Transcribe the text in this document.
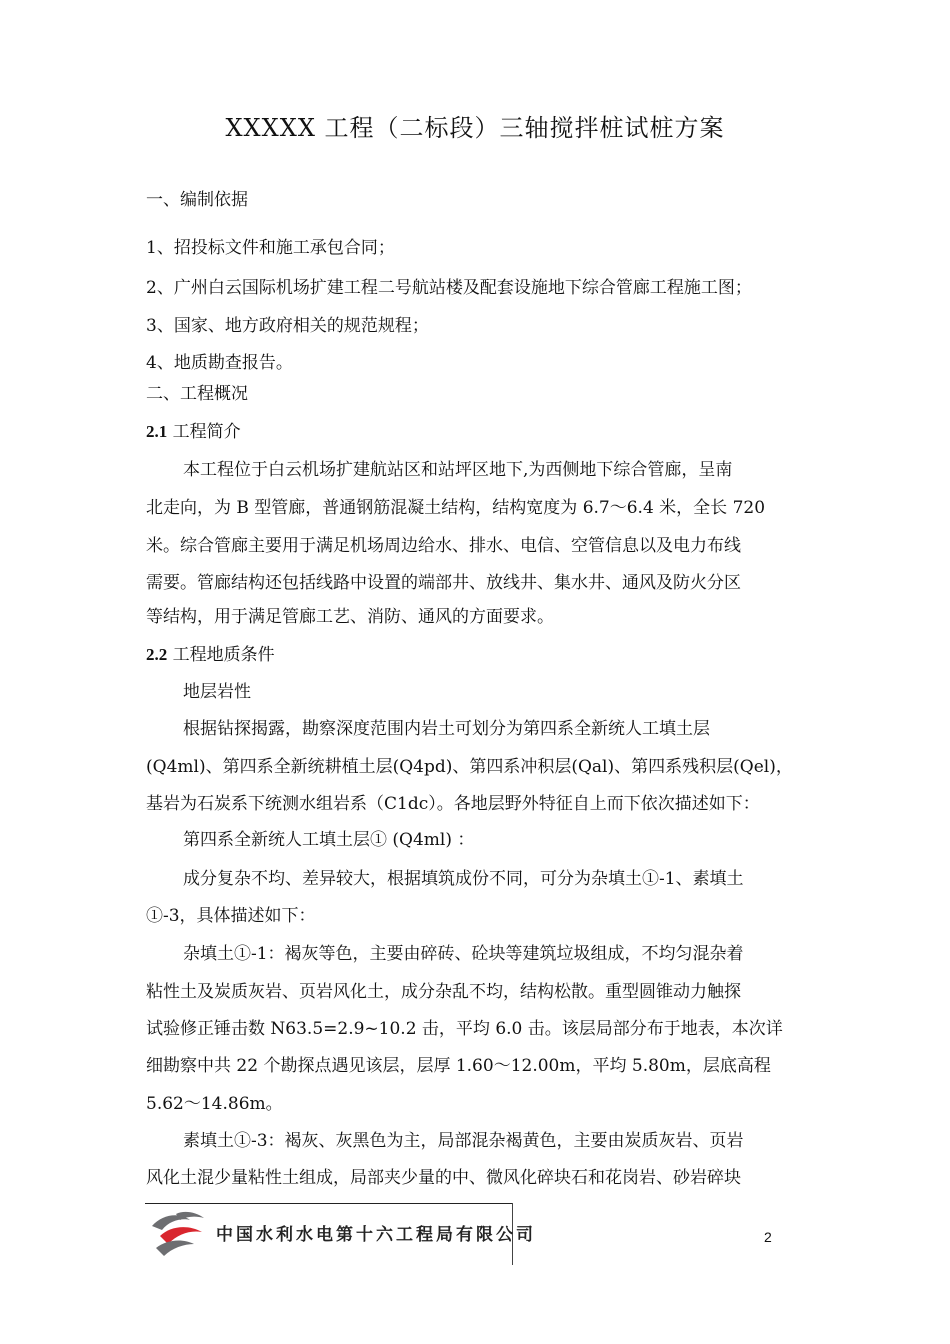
XXXXX 工程（二标段）三轴搅拌桩试桩方案
一、编制依据
1、招投标文件和施工承包合同；
2、广州白云国际机场扩建工程二号航站楼及配套设施地下综合管廊工程施工图；
3、国家、地方政府相关的规范规程；
4、地质勘查报告。
二、工程概况
2.1 工程简介
本工程位于白云机场扩建航站区和站坪区地下,为西侧地下综合管廊，呈南
北走向，为 B 型管廊，普通钢筋混凝土结构，结构宽度为 6.7～6.4 米，全长 720
米。综合管廊主要用于满足机场周边给水、排水、电信、空管信息以及电力布线
需要。管廊结构还包括线路中设置的端部井、放线井、集水井、通风及防火分区
等结构，用于满足管廊工艺、消防、通风的方面要求。
2.2 工程地质条件
地层岩性
根据钻探揭露，勘察深度范围内岩土可划分为第四系全新统人工填土层
(Q4ml)、第四系全新统耕植土层(Q4pd)、第四系冲积层(Qal)、第四系残积层(Qel)，
基岩为石炭系下统测水组岩系（C1dc）。各地层野外特征自上而下依次描述如下：
第四系全新统人工填土层① (Q4ml) ：
成分复杂不均、差异较大，根据填筑成份不同，可分为杂填土①-1、素填土
①-3，具体描述如下：
杂填土①-1：褐灰等色，主要由碎砖、砼块等建筑垃圾组成，不均匀混杂着
粘性土及炭质灰岩、页岩风化土，成分杂乱不均，结构松散。重型圆锥动力触探
试验修正锤击数 N63.5=2.9~10.2 击，平均 6.0 击。该层局部分布于地表，本次详
细勘察中共 22 个勘探点遇见该层，层厚 1.60～12.00m，平均 5.80m，层底高程
5.62～14.86m。
素填土①-3：褐灰、灰黑色为主，局部混杂褐黄色，主要由炭质灰岩、页岩
风化土混少量粘性土组成，局部夹少量的中、微风化碎块石和花岗岩、砂岩碎块
中国水利水电第十六工程局有限公司	2
